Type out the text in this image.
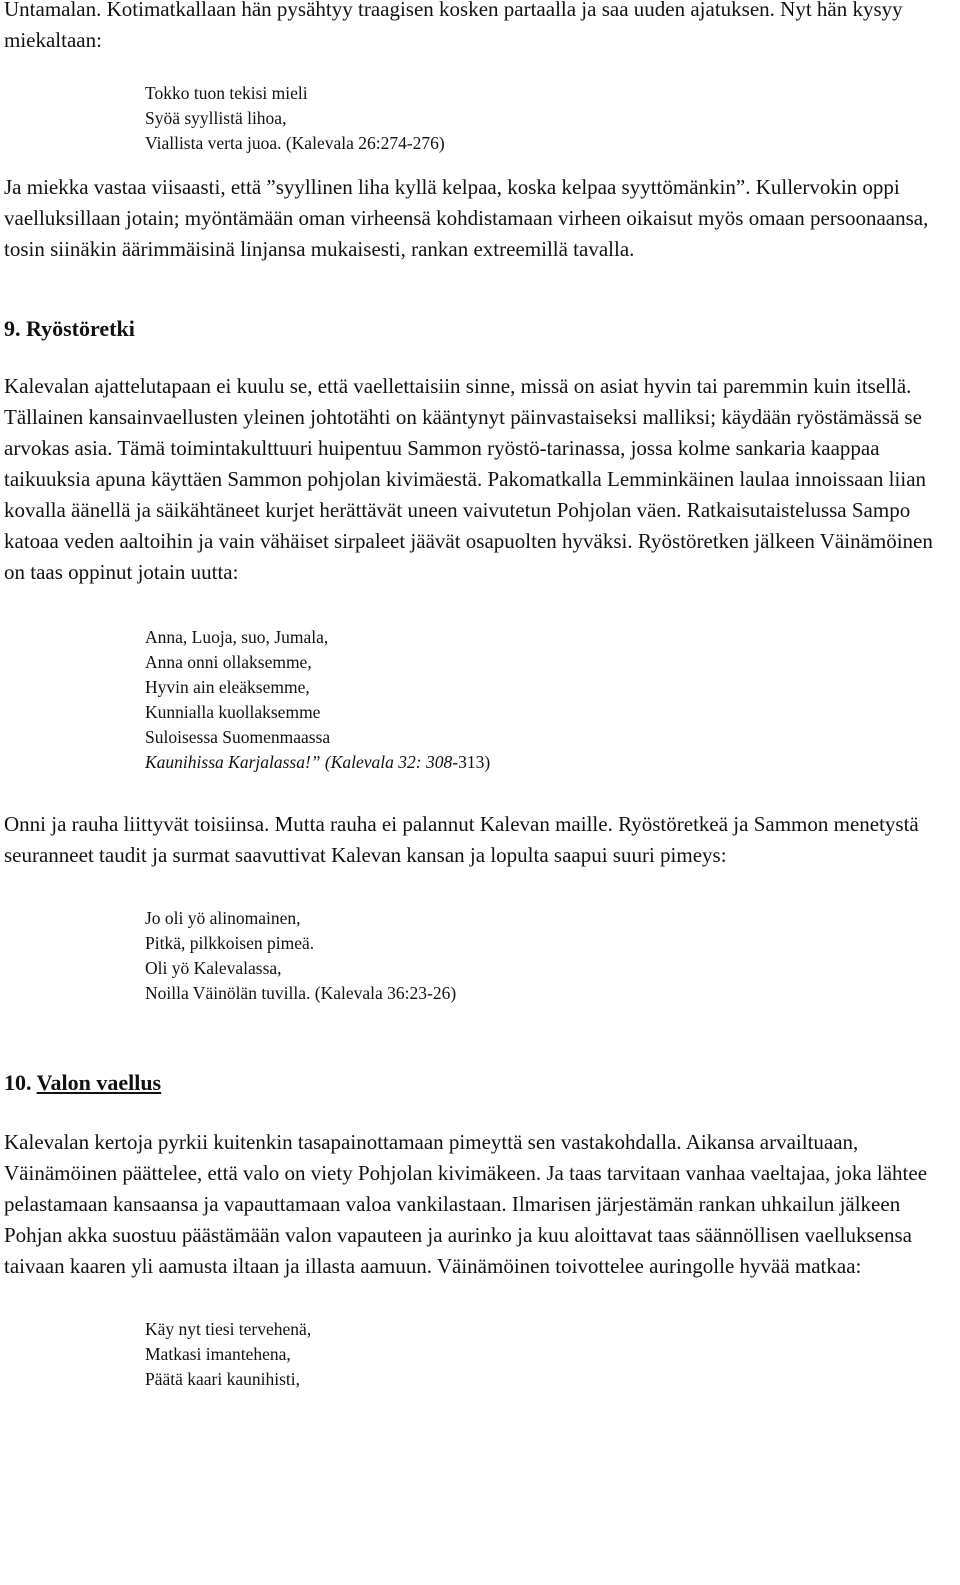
Untamalan. Kotimatkallaan hän pysähtyy traagisen kosken partaalla ja saa uuden ajatuksen. Nyt hän kysyy miekaltaan:

Tokko tuon tekisi mieli
Syöä syyllistä lihoa,
Viallista verta juoa. (Kalevala 26:274-276)

Ja miekka vastaa viisaasti, että ”syyllinen liha kyllä kelpaa, koska kelpaa syyttömänkin”. Kullervokin oppi vaelluksillaan jotain; myöntämään oman virheensä kohdistamaan virheen oikaisut myös omaan persoonaansa, tosin siinäkin äärimmäisinä linjansa mukaisesti, rankan extreemillä tavalla.

9. Ryöstöretki

Kalevalan ajattelutapaan ei kuulu se, että vaellettaisiin sinne, missä on asiat hyvin tai paremmin kuin itsellä. Tällainen kansainvaellusten yleinen johtotähti on kääntynyt päinvastaiseksi malliksi; käydään ryöstämässä se arvokas asia. Tämä toimintakulttuuri huipentuu Sammon ryöstö-tarinassa, jossa kolme sankaria kaappaa taikuuksia apuna käyttäen Sammon pohjolan kivimäestä. Pakomatkalla Lemminkäinen laulaa innoissaan liian kovalla äänellä ja säikähtäneet kurjet herättävät uneen vaivutetun Pohjolan väen. Ratkaisutaistelussa Sampo katoaa veden aaltoihin ja vain vähäiset sirpaleet jäävät osapuolten hyväksi. Ryöstöretken jälkeen Väinämöinen on taas oppinut jotain uutta:

Anna, Luoja, suo, Jumala,
Anna onni ollaksemme,
Hyvin ain eleäksemme,
Kunnialla kuollaksemme
Suloisessa Suomenmaassa
Kaunihissa Karjalassa!” (Kalevala 32: 308-313)

Onni ja rauha liittyvät toisiinsa. Mutta rauha ei palannut Kalevan maille. Ryöstöretkeä ja Sammon menetystä seuranneet taudit ja surmat saavuttivat Kalevan kansan ja lopulta saapui suuri pimeys:

Jo oli yö alinomainen,
Pitkä, pilkkoisen pimeä.
Oli yö Kalevalassa,
Noilla Väinölän tuvilla. (Kalevala 36:23-26)

10. Valon vaellus

Kalevalan kertoja pyrkii kuitenkin tasapainottamaan pimeyttä sen vastakohdalla. Aikansa arvailtuaan, Väinämöinen päättelee, että valo on viety Pohjolan kivimäkeen. Ja taas tarvitaan vanhaa vaeltajaa, joka lähtee pelastamaan kansaansa ja vapauttamaan valoa vankilastaan. Ilmarisen järjestämän rankan uhkailun jälkeen Pohjan akka suostuu päästämään valon vapauteen ja aurinko ja kuu aloittavat taas säännöllisen vaelluksensa taivaan kaaren yli aamusta iltaan ja illasta aamuun. Väinämöinen toivottelee auringolle hyvää matkaa:

Käy nyt tiesi tervehenä,
Matkasi imantehena,
Päätä kaari kaunihisti,
